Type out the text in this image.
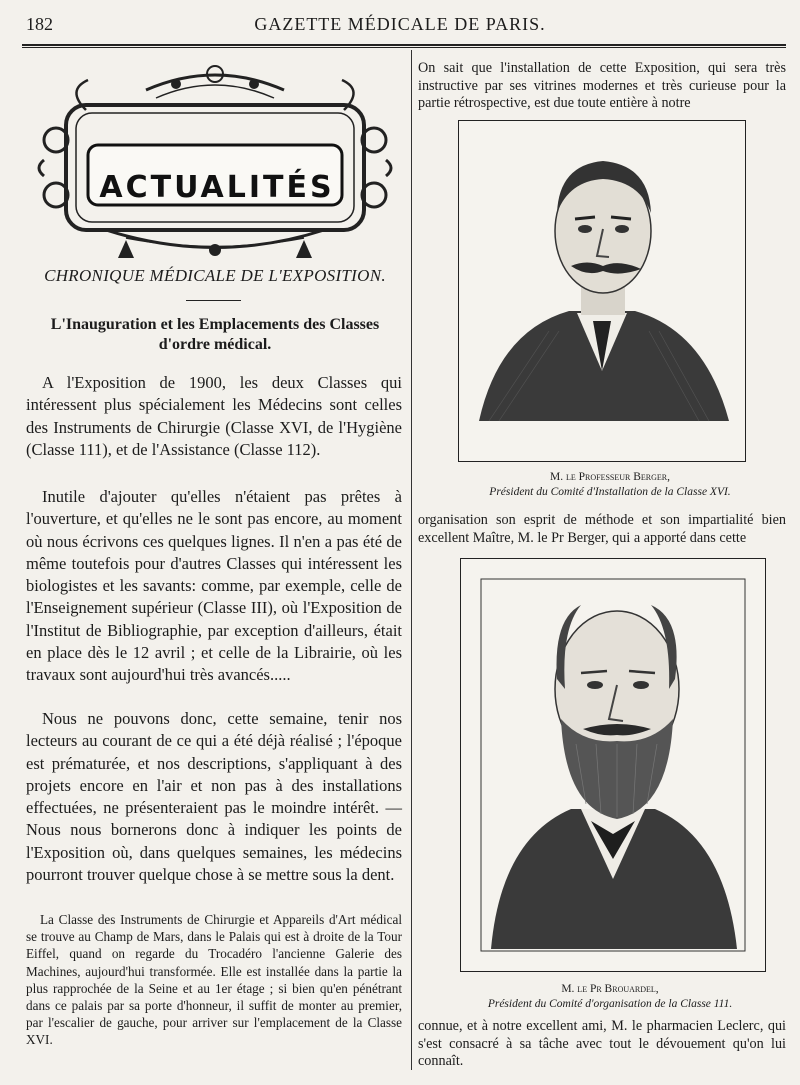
182	GAZETTE MÉDICALE DE PARIS.
ACTUALITÉS
CHRONIQUE MÉDICALE DE L'EXPOSITION.
L'Inauguration et les Emplacements des Classes
d'ordre médical.
A l'Exposition de 1900, les deux Classes qui intéressent plus spécialement les Médecins sont celles des Instruments de Chirurgie (Classe XVI, de l'Hygiène (Classe 111), et de l'Assistance (Classe 112).
Inutile d'ajouter qu'elles n'étaient pas prêtes à l'ouverture, et qu'elles ne le sont pas encore, au moment où nous écrivons ces quelques lignes. Il n'en a pas été de même toutefois pour d'autres Classes qui intéressent les biologistes et les savants: comme, par exemple, celle de l'Enseignement supérieur (Classe III), où l'Exposition de l'Institut de Bibliographie, par exception d'ailleurs, était en place dès le 12 avril ; et celle de la Librairie, où les travaux sont aujourd'hui très avancés.....
Nous ne pouvons donc, cette semaine, tenir nos lecteurs au courant de ce qui a été déjà réalisé ; l'époque est prématurée, et nos descriptions, s'appliquant à des projets encore en l'air et non pas à des installations effectuées, ne présenteraient pas le moindre intérêt. — Nous nous bornerons donc à indiquer les points de l'Exposition où, dans quelques semaines, les médecins pourront trouver quelque chose à se mettre sous la dent.
La Classe des Instruments de Chirurgie et Appareils d'Art médical se trouve au Champ de Mars, dans le Palais qui est à droite de la Tour Eiffel, quand on regarde du Trocadéro l'ancienne Galerie des Machines, aujourd'hui transformée. Elle est installée dans la partie la plus rapprochée de la Seine et au 1er étage ; si bien qu'en pénétrant dans ce palais par sa porte d'honneur, il suffit de monter au premier, par l'escalier de gauche, pour arriver sur l'emplacement de la Classe XVI.
On sait que l'installation de cette Exposition, qui sera très instructive par ses vitrines modernes et très curieuse pour la partie rétrospective, est due toute entière à notre
M. le Professeur Berger,
Président du Comité d'Installation de la Classe XVI.
organisation son esprit de méthode et son impartialité bien excellent Maître, M. le Pr Berger, qui a apporté dans cette
M. le Pr Brouardel,
Président du Comité d'organisation de la Classe 111.
connue, et à notre excellent ami, M. le pharmacien Leclerc, qui s'est consacré à sa tâche avec tout le dévouement qu'on lui connaît.
